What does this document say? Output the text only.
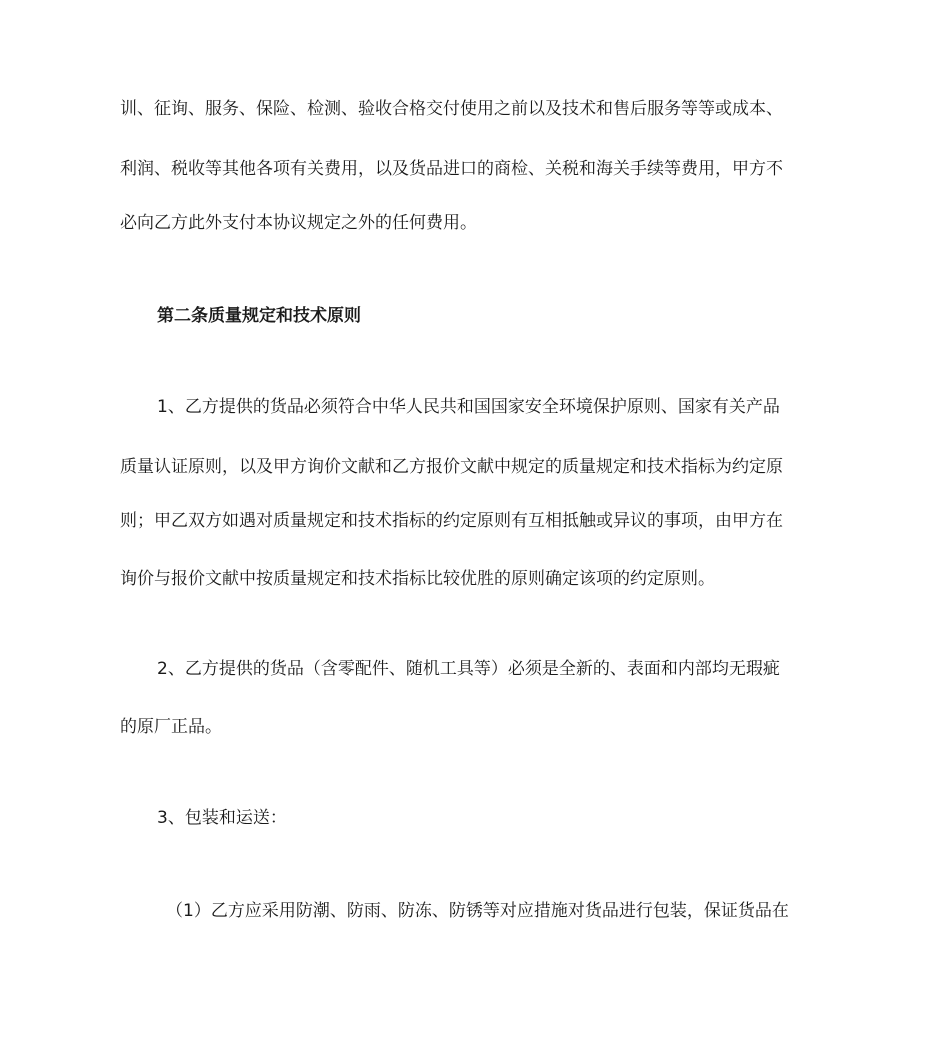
训、征询、服务、保险、检测、验收合格交付使用之前以及技术和售后服务等等或成本、
利润、税收等其他各项有关费用，以及货品进口的商检、关税和海关手续等费用，甲方不
必向乙方此外支付本协议规定之外的任何费用。
第二条质量规定和技术原则
1、乙方提供的货品必须符合中华人民共和国国家安全环境保护原则、国家有关产品
质量认证原则，以及甲方询价文献和乙方报价文献中规定的质量规定和技术指标为约定原
则；甲乙双方如遇对质量规定和技术指标的约定原则有互相抵触或异议的事项，由甲方在
询价与报价文献中按质量规定和技术指标比较优胜的原则确定该项的约定原则。
2、乙方提供的货品（含零配件、随机工具等）必须是全新的、表面和内部均无瑕疵
的原厂正品。
3、包装和运送：
（1）乙方应采用防潮、防雨、防冻、防锈等对应措施对货品进行包装，保证货品在
